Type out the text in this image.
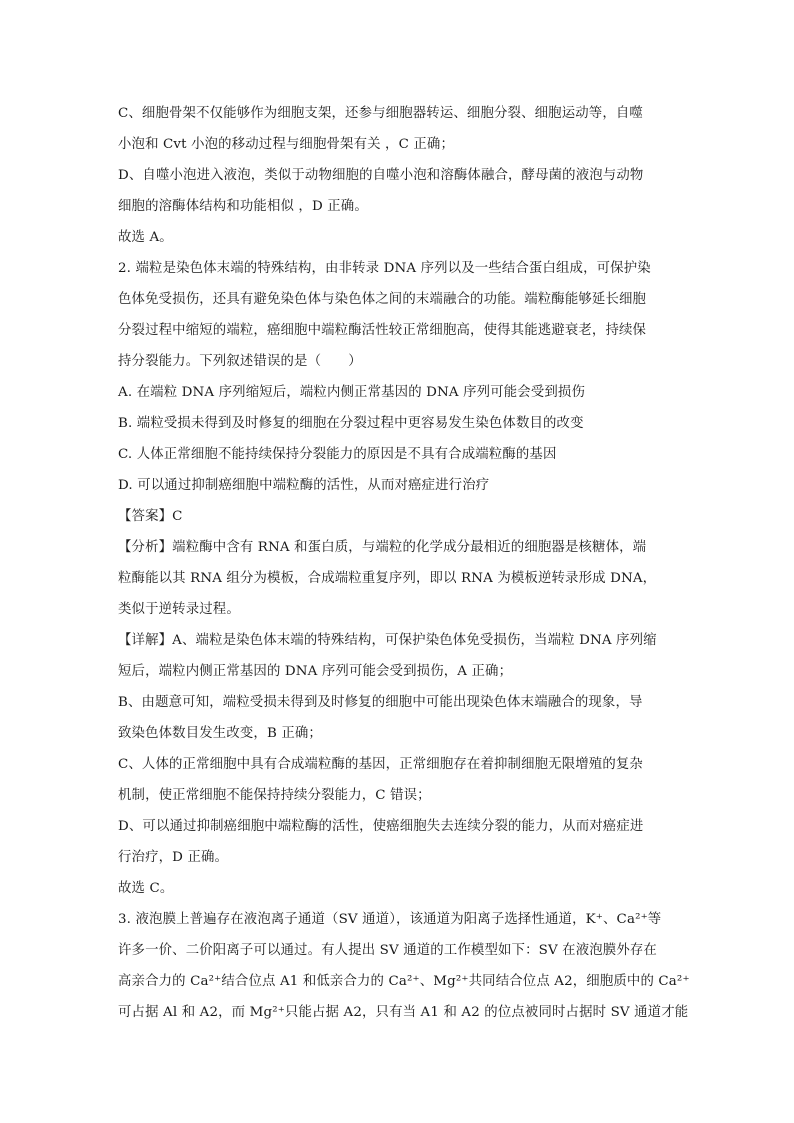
C、细胞骨架不仅能够作为细胞支架，还参与细胞器转运、细胞分裂、细胞运动等，自噬
小泡和 Cvt 小泡的移动过程与细胞骨架有关 ，C 正确；
D、自噬小泡进入液泡，类似于动物细胞的自噬小泡和溶酶体融合，酵母菌的液泡与动物
细胞的溶酶体结构和功能相似 ，D 正确。
故选 A。
2. 端粒是染色体末端的特殊结构，由非转录 DNA 序列以及一些结合蛋白组成，可保护染
色体免受损伤，还具有避免染色体与染色体之间的末端融合的功能。端粒酶能够延长细胞
分裂过程中缩短的端粒，癌细胞中端粒酶活性较正常细胞高，使得其能逃避衰老，持续保
持分裂能力。下列叙述错误的是（　　）
A. 在端粒 DNA 序列缩短后，端粒内侧正常基因的 DNA 序列可能会受到损伤
B. 端粒受损未得到及时修复的细胞在分裂过程中更容易发生染色体数目的改变
C. 人体正常细胞不能持续保持分裂能力的原因是不具有合成端粒酶的基因
D. 可以通过抑制癌细胞中端粒酶的活性，从而对癌症进行治疗
【答案】C
【分析】端粒酶中含有 RNA 和蛋白质，与端粒的化学成分最相近的细胞器是核糖体，端
粒酶能以其 RNA 组分为模板，合成端粒重复序列，即以 RNA 为模板逆转录形成 DNA，
类似于逆转录过程。
【详解】A、端粒是染色体末端的特殊结构，可保护染色体免受损伤，当端粒 DNA 序列缩
短后，端粒内侧正常基因的 DNA 序列可能会受到损伤，A 正确；
B、由题意可知，端粒受损未得到及时修复的细胞中可能出现染色体末端融合的现象，导
致染色体数目发生改变，B 正确；
C、人体的正常细胞中具有合成端粒酶的基因，正常细胞存在着抑制细胞无限增殖的复杂
机制，使正常细胞不能保持持续分裂能力，C 错误；
D、可以通过抑制癌细胞中端粒酶的活性，使癌细胞失去连续分裂的能力，从而对癌症进
行治疗，D 正确。
故选 C。
3. 液泡膜上普遍存在液泡离子通道（SV 通道），该通道为阳离子选择性通道，K⁺、Ca²⁺等
许多一价、二价阳离子可以通过。有人提出 SV 通道的工作模型如下：SV 在液泡膜外存在
高亲合力的 Ca²⁺结合位点 A1 和低亲合力的 Ca²⁺、Mg²⁺共同结合位点 A2，细胞质中的 Ca²⁺
可占据 Al 和 A2，而 Mg²⁺只能占据 A2，只有当 A1 和 A2 的位点被同时占据时 SV 通道才能
